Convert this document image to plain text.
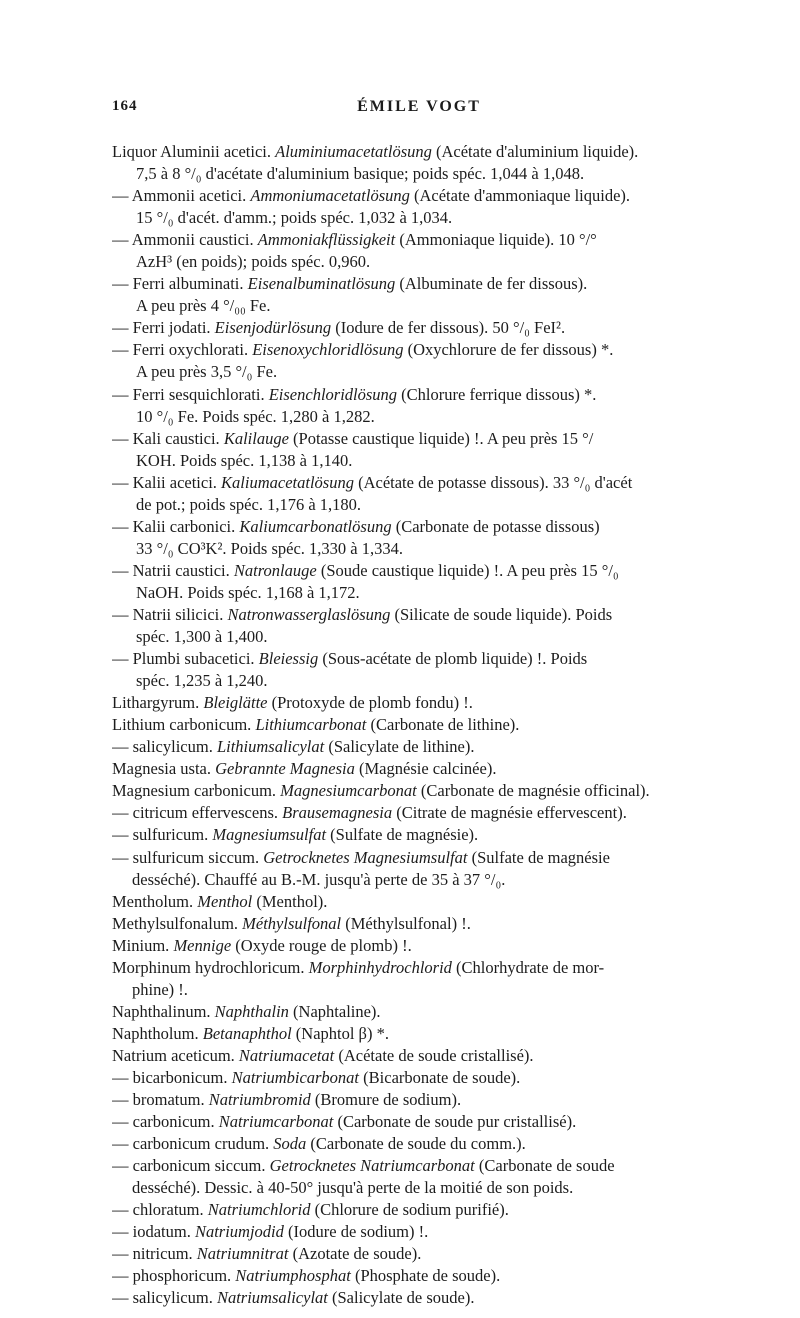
164	ÉMILE VOGT
Liquor Aluminii acetici. Aluminiumacetatlösung (Acétate d'aluminium liquide).
7,5 à 8 °/₀ d'acétate d'aluminium basique; poids spéc. 1,044 à 1,048.
— Ammonii acetici. Ammoniumacetatlösung (Acétate d'ammoniaque liquide).
15 °/₀ d'acét. d'amm.; poids spéc. 1,032 à 1,034.
— Ammonii caustici. Ammoniakflüssigkeit (Ammoniaque liquide). 10 °/°
AzH³ (en poids); poids spéc. 0,960.
— Ferri albuminati. Eisenalbuminatlösung (Albuminate de fer dissous).
A peu près 4 °/₀₀ Fe.
— Ferri jodati. Eisenjodürlösung (Iodure de fer dissous). 50 °/₀ FeI².
— Ferri oxychlorati. Eisenoxychloridlösung (Oxychlorure de fer dissous) *.
A peu près 3,5 °/₀ Fe.
— Ferri sesquichlorati. Eisenchloridlösung (Chlorure ferrique dissous) *.
10 °/₀ Fe. Poids spéc. 1,280 à 1,282.
— Kali caustici. Kalilauge (Potasse caustique liquide) !. A peu près 15 °/
KOH. Poids spéc. 1,138 à 1,140.
— Kalii acetici. Kaliumacetatlösung (Acétate de potasse dissous). 33 °/₀ d'acét
de pot.; poids spéc. 1,176 à 1,180.
— Kalii carbonici. Kaliumcarbonatlösung (Carbonate de potasse dissous)
33 °/₀ CO³K². Poids spéc. 1,330 à 1,334.
— Natrii caustici. Natronlauge (Soude caustique liquide) !. A peu près 15 °/₀
NaOH. Poids spéc. 1,168 à 1,172.
— Natrii silicici. Natronwasserglaslösung (Silicate de soude liquide). Poids
spéc. 1,300 à 1,400.
— Plumbi subacetici. Bleiessig (Sous-acétate de plomb liquide) !. Poids
spéc. 1,235 à 1,240.
Lithargyrum. Bleiglätte (Protoxyde de plomb fondu) !.
Lithium carbonicum. Lithiumcarbonat (Carbonate de lithine).
— salicylicum. Lithiumsalicylat (Salicylate de lithine).
Magnesia usta. Gebrannte Magnesia (Magnésie calcinée).
Magnesium carbonicum. Magnesiumcarbonat (Carbonate de magnésie officinal).
— citricum effervescens. Brausemagnesia (Citrate de magnésie effervescent).
— sulfuricum. Magnesiumsulfat (Sulfate de magnésie).
— sulfuricum siccum. Getrocknetes Magnesiumsulfat (Sulfate de magnésie
desséché). Chauffé au B.-M. jusqu'à perte de 35 à 37 °/₀.
Mentholum. Menthol (Menthol).
Methylsulfonalum. Méthylsulfonal (Méthylsulfonal) !.
Minium. Mennige (Oxyde rouge de plomb) !.
Morphinum hydrochloricum. Morphinhydrochlorid (Chlorhydrate de mor-
phine) !.
Naphthalinum. Naphthalin (Naphtaline).
Naphtholum. Betanaphthol (Naphtol β) *.
Natrium aceticum. Natriumacetat (Acétate de soude cristallisé).
— bicarbonicum. Natriumbicarbonat (Bicarbonate de soude).
— bromatum. Natriumbromid (Bromure de sodium).
— carbonicum. Natriumcarbonat (Carbonate de soude pur cristallisé).
— carbonicum crudum. Soda (Carbonate de soude du comm.).
— carbonicum siccum. Getrocknetes Natriumcarbonat (Carbonate de soude
desséché). Dessic. à 40-50° jusqu'à perte de la moitié de son poids.
— chloratum. Natriumchlorid (Chlorure de sodium purifié).
— iodatum. Natriumjodid (Iodure de sodium) !.
— nitricum. Natriumnitrat (Azotate de soude).
— phosphoricum. Natriumphosphat (Phosphate de soude).
— salicylicum. Natriumsalicylat (Salicylate de soude).
